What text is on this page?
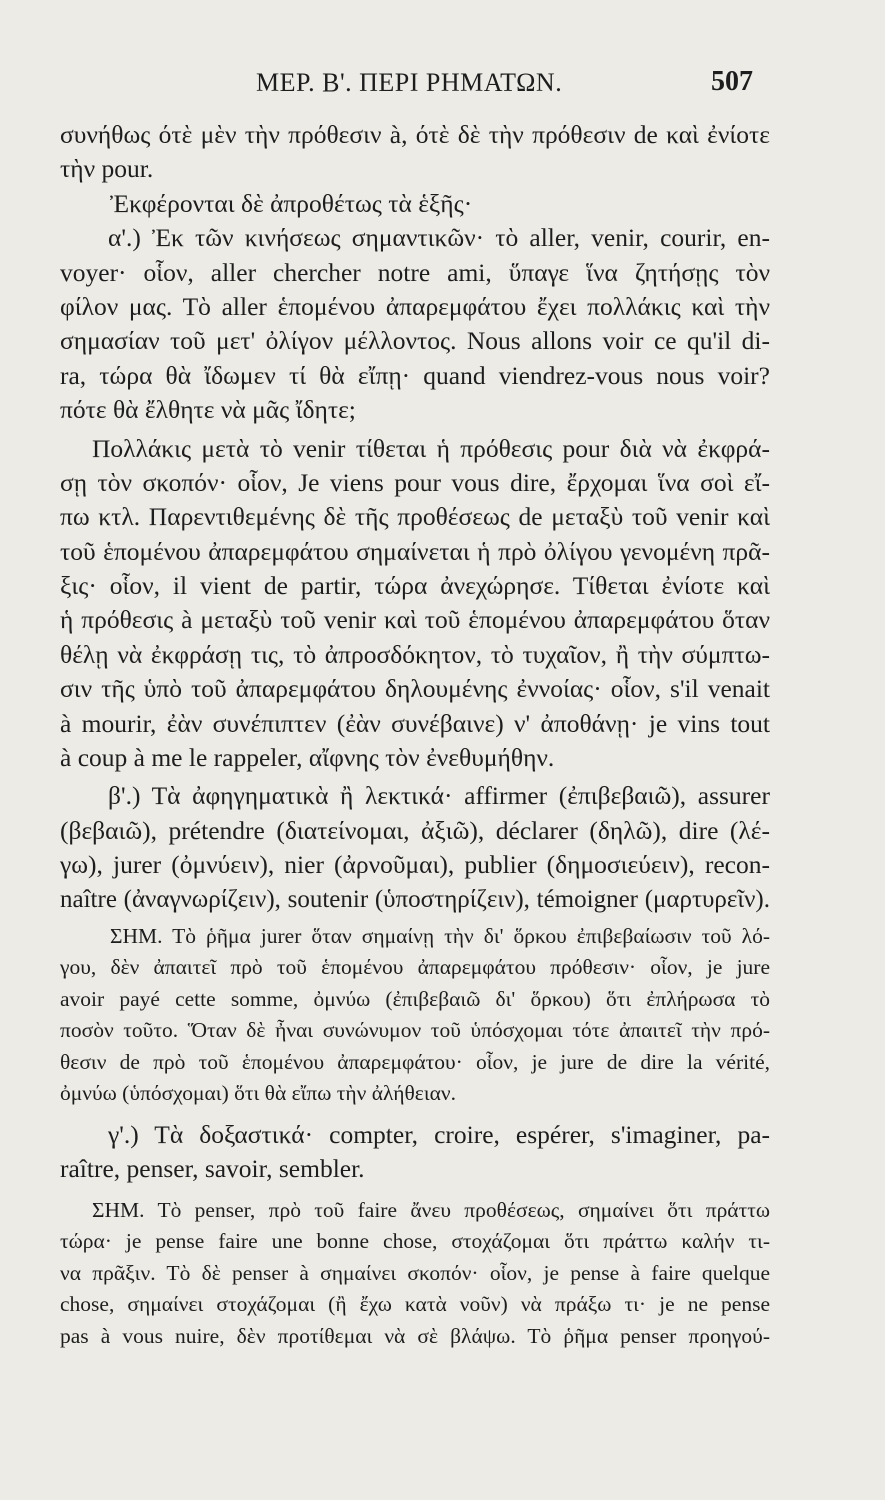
ΜΕΡ. Β'. ΠΕΡΙ ΡΗΜΑΤΩΝ.	507
συνήθως ότὲ μὲν τὴν πρόθεσιν à, ότὲ δὲ τὴν πρόθεσιν de καὶ ἐνίοτε
τὴν pour.
Ἐκφέρονται δὲ ἀπροθέτως τὰ ἑξῆς·
α'.) Ἐκ τῶν κινήσεως σημαντικῶν· τὸ aller, venir, courir, en-
voyer· οἷον, aller chercher notre ami, ὕπαγε ἵνα ζητήσῃς τὸν
φίλον μας. Τὸ aller ἑπομένου ἀπαρεμφάτου ἔχει πολλάκις καὶ τὴν
σημασίαν τοῦ μετ' ὀλίγον μέλλοντος. Nous allons voir ce qu'il di-
ra, τώρα θὰ ἴδωμεν τί θὰ εἴπῃ· quand viendrez-vous nous voir?
πότε θὰ ἔλθητε νὰ μᾶς ἴδητε;
Πολλάκις μετὰ τὸ venir τίθεται ἡ πρόθεσις pour διὰ νὰ ἐκφρά-
σῃ τὸν σκοπόν· οἷον, Je viens pour vous dire, ἔρχομαι ἵνα σοὶ εἴ-
πω κτλ. Παρεντιθεμένης δὲ τῆς προθέσεως de μεταξὺ τοῦ venir καὶ
τοῦ ἑπομένου ἀπαρεμφάτου σημαίνεται ἡ πρὸ ὀλίγου γενομένη πρᾶ-
ξις· οἷον, il vient de partir, τώρα ἀνεχώρησε. Τίθεται ἐνίοτε καὶ
ἡ πρόθεσις à μεταξὺ τοῦ venir καὶ τοῦ ἑπομένου ἀπαρεμφάτου ὅταν
θέλῃ νὰ ἐκφράσῃ τις, τὸ ἀπροσδόκητον, τὸ τυχαῖον, ἢ τὴν σύμπτω-
σιν τῆς ὑπὸ τοῦ ἀπαρεμφάτου δηλουμένης ἐννοίας· οἷον, s'il venait
à mourir, ἐὰν συνέπιπτεν (ἐὰν συνέβαινε) ν' ἀποθάνῃ· je vins tout
à coup à me le rappeler, αἴφνης τὸν ἐνεθυμήθην.
β'.) Τὰ ἀφηγηματικὰ ἢ λεκτικά· affirmer (ἐπιβεβαιῶ), assurer
(βεβαιῶ), prétendre (διατείνομαι, ἀξιῶ), déclarer (δηλῶ), dire (λέ-
γω), jurer (ὀμνύειν), nier (ἀρνοῦμαι), publier (δημοσιεύειν), recon-
naître (ἀναγνωρίζειν), soutenir (ὑποστηρίζειν), témoigner (μαρτυρεῖν).
ΣΗΜ. Τὸ ῥῆμα jurer ὅταν σημαίνῃ τὴν δι' ὅρκου ἐπιβεβαίωσιν τοῦ λό-
γου, δὲν ἀπαιτεῖ πρὸ τοῦ ἑπομένου ἀπαρεμφάτου πρόθεσιν· οἷον, je jure
avoir payé cette somme, ὀμνύω (ἐπιβεβαιῶ δι' ὅρκου) ὅτι ἐπλήρωσα τὸ
ποσὸν τοῦτο. Ὅταν δὲ ἦναι συνώνυμον τοῦ ὑπόσχομαι τότε ἀπαιτεῖ τὴν πρό-
θεσιν de πρὸ τοῦ ἑπομένου ἀπαρεμφάτου· οἷον, je jure de dire la vérité,
ὀμνύω (ὑπόσχομαι) ὅτι θὰ εἴπω τὴν ἀλήθειαν.
γ'.) Τὰ δοξαστικά· compter, croire, espérer, s'imaginer, pa-
raître, penser, savoir, sembler.
ΣΗΜ. Τὸ penser, πρὸ τοῦ faire ἄνευ προθέσεως, σημαίνει ὅτι πράττω
τώρα· je pense faire une bonne chose, στοχάζομαι ὅτι πράττω καλήν τι-
να πρᾶξιν. Τὸ δὲ penser à σημαίνει σκοπόν· οἷον, je pense à faire quelque
chose, σημαίνει στοχάζομαι (ἢ ἔχω κατὰ νοῦν) νὰ πράξω τι· je ne pense
pas à vous nuire, δὲν προτίθεμαι νὰ σὲ βλάψω. Τὸ ῥῆμα penser προηγού-
